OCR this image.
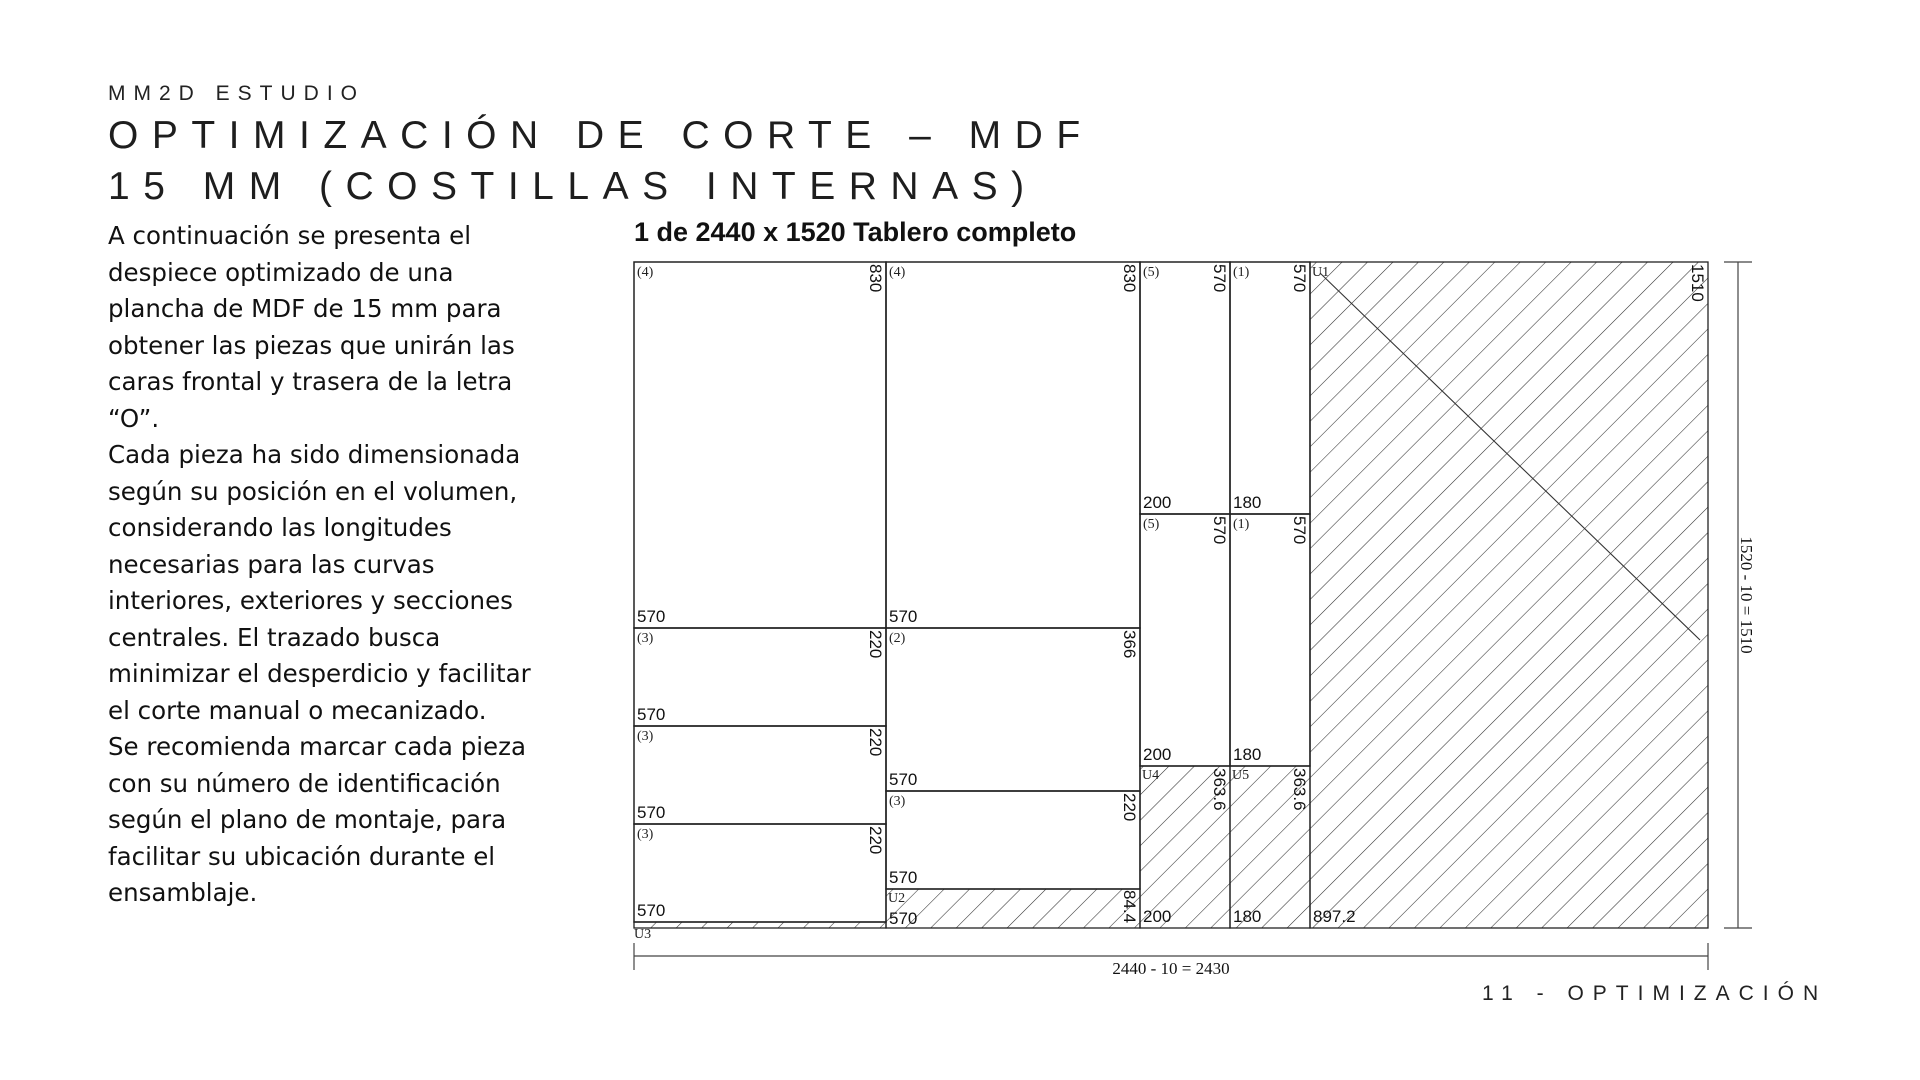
MM2D ESTUDIO
OPTIMIZACIÓN DE CORTE – MDF
15 MM (COSTILLAS INTERNAS)

A continuación se presenta el despiece optimizado de una plancha de MDF de 15 mm para obtener las piezas que unirán las caras frontal y trasera de la letra “O”.

Cada pieza ha sido dimensionada según su posición en el volumen, considerando las longitudes necesarias para las curvas interiores, exteriores y secciones centrales. El trazado busca minimizar el desperdicio y facilitar el corte manual o mecanizado.

Se recomienda marcar cada pieza con su número de identificación según el plano de montaje, para facilitar su ubicación durante el ensamblaje.

1 de 2440 x 1520 Tablero completo
(4)	(4)
(3)
(3)
(3)
(2)
(3)
(5)
(5)
(1)
(1)
570	570
570
570
570
570
570
200
200
180
180
830	830
220
220
220
366
220
570
570
570
570
U1	1510
897.2
U4	363.6
200
U5 363.6
180
U2	84.4
570
U3
2440 - 10 = 2430
1520 - 10 = 1510
11 - OPTIMIZACIÓN
